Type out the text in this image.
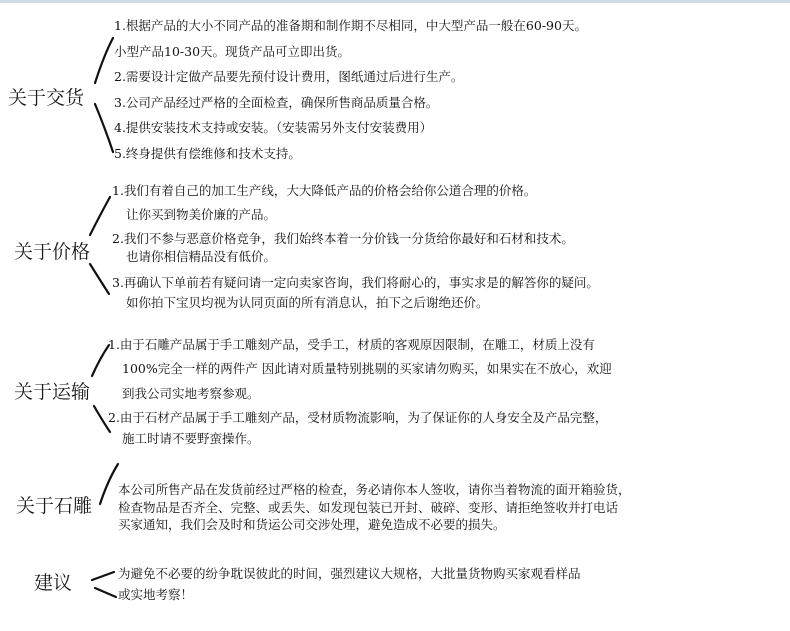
关于交货
1.根据产品的大小不同产品的准备期和制作期不尽相同，中大型产品一般在60-90天。
小型产品10-30天。现货产品可立即出货。
2.需要设计定做产品要先预付设计费用，图纸通过后进行生产。
3.公司产品经过严格的全面检查，确保所售商品质量合格。
4.提供安装技术支持或安装。（安装需另外支付安装费用）
5.终身提供有偿维修和技术支持。
关于价格
1.我们有着自己的加工生产线，大大降低产品的价格会给你公道合理的价格。
让你买到物美价廉的产品。
2.我们不参与恶意价格竞争，我们始终本着一分价钱一分货给你最好和石材和技术。
也请你相信精品没有低价。
3.再确认下单前若有疑问请一定向卖家咨询，我们将耐心的，事实求是的解答你的疑问。
如你拍下宝贝均视为认同页面的所有消息认，拍下之后谢绝还价。
关于运输
1.由于石雕产品属于手工雕刻产品，受手工，材质的客观原因限制，在雕工，材质上没有
100%完全一样的两件产 因此请对质量特别挑剔的买家请勿购买，如果实在不放心，欢迎
到我公司实地考察参观。
2.由于石材产品属于手工雕刻产品，受材质物流影响，为了保证你的人身安全及产品完整，
施工时请不要野蛮操作。
关于石雕
本公司所售产品在发货前经过严格的检查，务必请你本人签收，请你当着物流的面开箱验货，
检查物品是否齐全、完整、或丢失、如发现包装已开封、破碎、变形、请拒绝签收并打电话
买家通知，我们会及时和货运公司交涉处理，避免造成不必要的损失。
建议	为避免不必要的纷争耽误彼此的时间，强烈建议大规格，大批量货物购买家观看样品
或实地考察！
